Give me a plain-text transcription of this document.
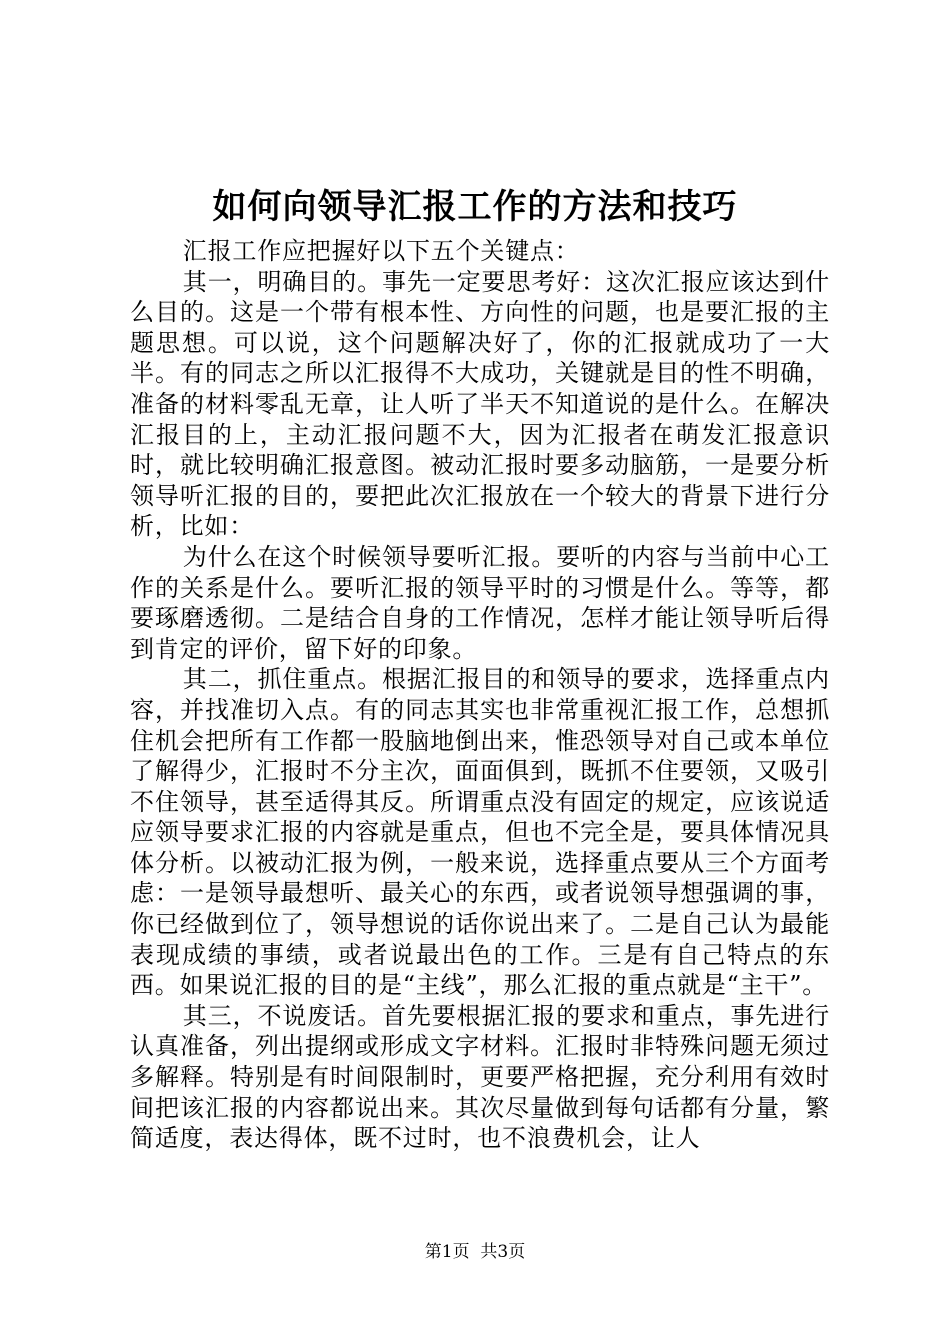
如何向领导汇报工作的方法和技巧

汇报工作应把握好以下五个关键点：

其一，明确目的。事先一定要思考好：这次汇报应该达到什么目的。这是一个带有根本性、方向性的问题，也是要汇报的主题思想。可以说，这个问题解决好了，你的汇报就成功了一大半。有的同志之所以汇报得不大成功，关键就是目的性不明确，准备的材料零乱无章，让人听了半天不知道说的是什么。在解决汇报目的上，主动汇报问题不大，因为汇报者在萌发汇报意识时，就比较明确汇报意图。被动汇报时要多动脑筋，一是要分析领导听汇报的目的，要把此次汇报放在一个较大的背景下进行分析，比如：

为什么在这个时候领导要听汇报。要听的内容与当前中心工作的关系是什么。要听汇报的领导平时的习惯是什么。等等，都要琢磨透彻。二是结合自身的工作情况，怎样才能让领导听后得到肯定的评价，留下好的印象。

其二，抓住重点。根据汇报目的和领导的要求，选择重点内容，并找准切入点。有的同志其实也非常重视汇报工作，总想抓住机会把所有工作都一股脑地倒出来，惟恐领导对自己或本单位了解得少，汇报时不分主次，面面俱到，既抓不住要领，又吸引不住领导，甚至适得其反。所谓重点没有固定的规定，应该说适应领导要求汇报的内容就是重点，但也不完全是，要具体情况具体分析。以被动汇报为例，一般来说，选择重点要从三个方面考虑：一是领导最想听、最关心的东西，或者说领导想强调的事，你已经做到位了，领导想说的话你说出来了。二是自己认为最能表现成绩的事绩，或者说最出色的工作。三是有自己特点的东西。如果说汇报的目的是“主线”，那么汇报的重点就是“主干”。

其三，不说废话。首先要根据汇报的要求和重点，事先进行认真准备，列出提纲或形成文字材料。汇报时非特殊问题无须过多解释。特别是有时间限制时，更要严格把握，充分利用有效时间把该汇报的内容都说出来。其次尽量做到每句话都有分量，繁简适度，表达得体，既不过时，也不浪费机会，让人

第1页 共3页
